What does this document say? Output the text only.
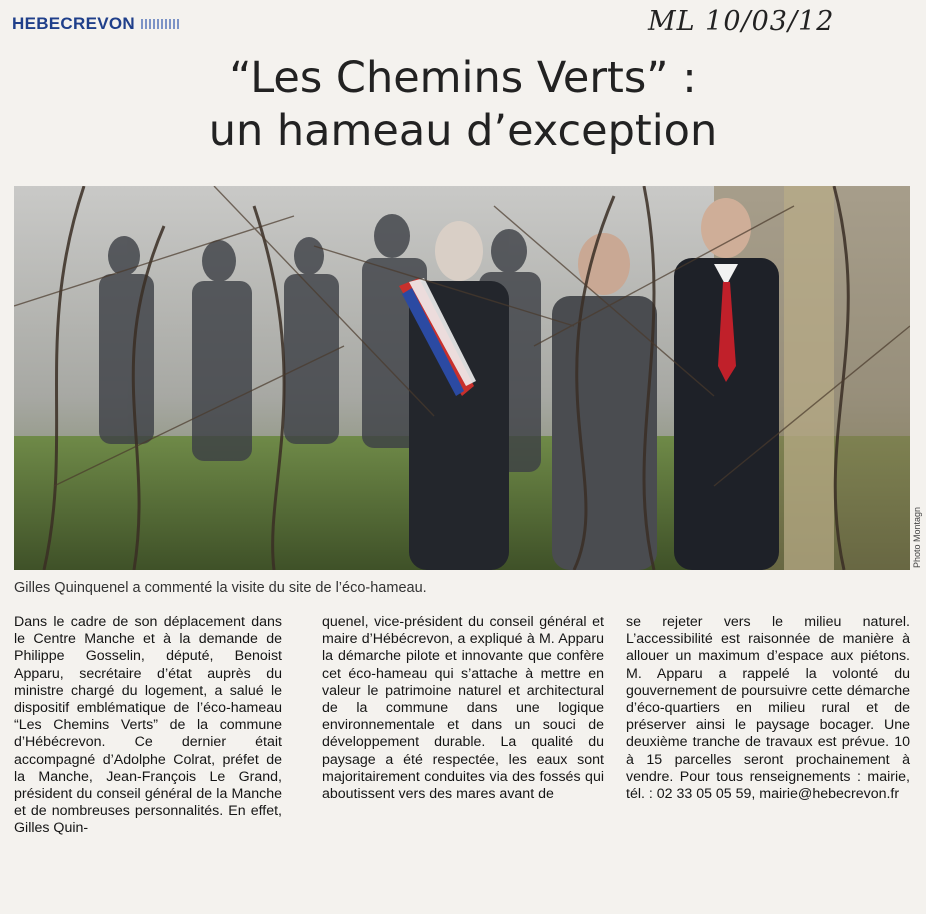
HEBECREVON	ML 10/03/12
“Les Chemins Verts” :
un hameau d’exception
Photo Montagn
Gilles Quinquenel a commenté la visite du site de l’éco-hameau.

Dans le cadre de son déplacement dans le Centre Manche et à la demande de Philippe Gosselin, député, Benoist Apparu, secrétaire d’état auprès du ministre chargé du logement, a salué le dispositif emblématique de l’éco-hameau “Les Chemins Verts” de la commune d’Hébécrevon. Ce dernier était accompagné d’Adolphe Colrat, préfet de la Manche, Jean-François Le Grand, président du conseil général de la Manche et de nombreuses personnalités. En effet, Gilles Quin-

quenel, vice-président du conseil général et maire d’Hébécrevon, a expliqué à M. Apparu la démarche pilote et innovante que confère cet éco-hameau qui s’attache à mettre en valeur le patrimoine naturel et architectural de la commune dans une logique environnementale et dans un souci de développement durable. La qualité du paysage a été respectée, les eaux sont majoritairement conduites via des fossés qui aboutissent vers des mares avant de

se rejeter vers le milieu naturel. L’accessibilité est raisonnée de manière à allouer un maximum d’espace aux piétons. M. Apparu a rappelé la volonté du gouvernement de poursuivre cette démarche d’éco-quartiers en milieu rural et de préserver ainsi le paysage bocager. Une deuxième tranche de travaux est prévue. 10 à 15 parcelles seront prochainement à vendre. Pour tous renseignements : mairie, tél. : 02 33 05 05 59, mairie@hebecrevon.fr
